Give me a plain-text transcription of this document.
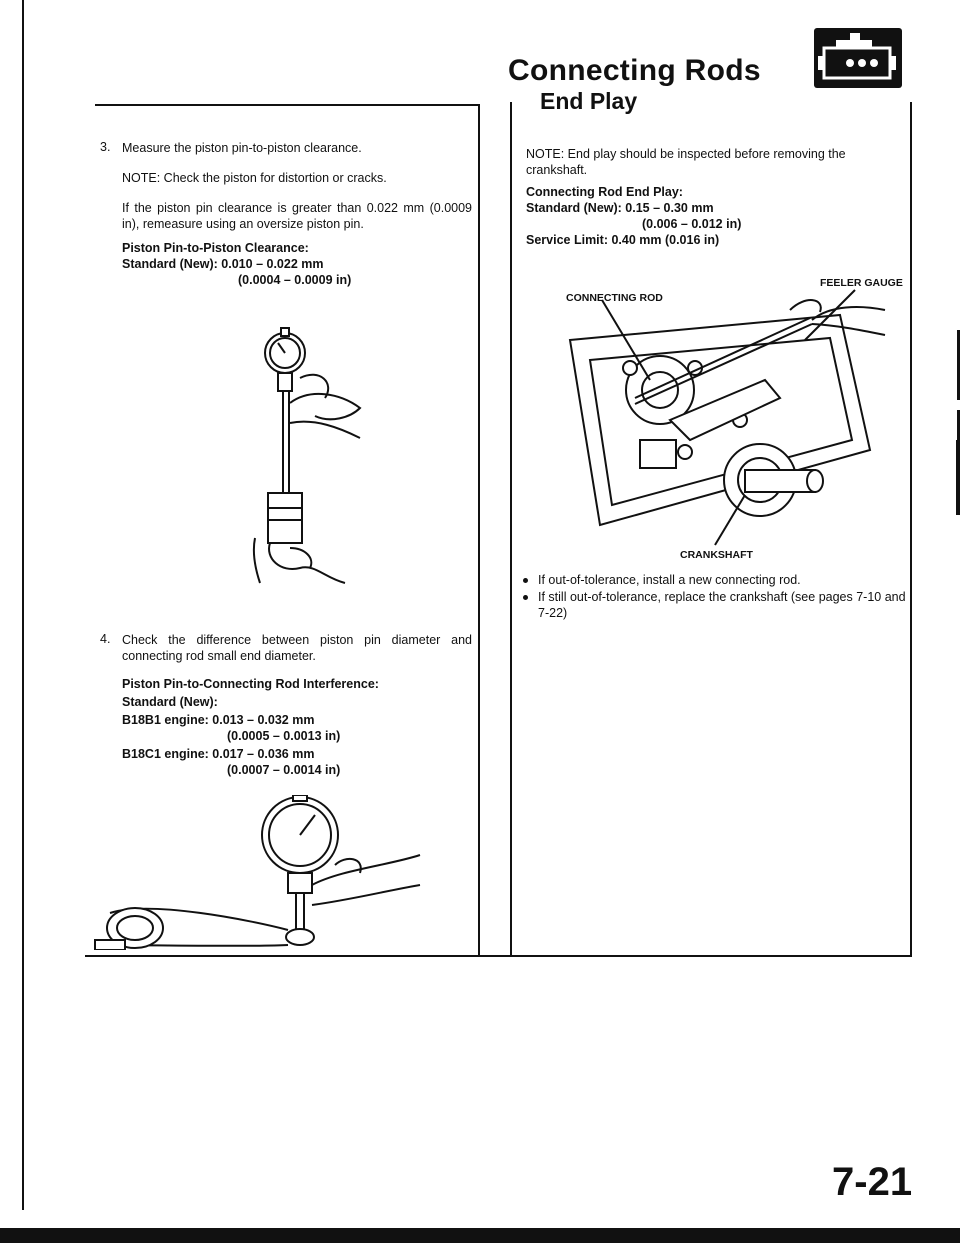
Connecting Rods
End Play
3. Measure the piston pin-to-piston clearance.
NOTE: Check the piston for distortion or cracks.
If the piston pin clearance is greater than 0.022 mm (0.0009 in), remeasure using an oversize piston pin.
Piston Pin-to-Piston Clearance:
Standard (New): 0.010 – 0.022 mm
(0.0004 – 0.0009 in)
4. Check the difference between piston pin diameter and connecting rod small end diameter.
Piston Pin-to-Connecting Rod Interference:
Standard (New):
B18B1 engine: 0.013 – 0.032 mm
(0.0005 – 0.0013 in)
B18C1 engine: 0.017 – 0.036 mm
(0.0007 – 0.0014 in)
NOTE: End play should be inspected before removing the crankshaft.
Connecting Rod End Play:
Standard (New): 0.15 – 0.30 mm
(0.006 – 0.012 in)
Service Limit: 0.40 mm (0.016 in)
CONNECTING ROD
FEELER GAUGE
CRANKSHAFT
If out-of-tolerance, install a new connecting rod.
If still out-of-tolerance, replace the crankshaft (see pages 7-10 and 7-22)
7-21
